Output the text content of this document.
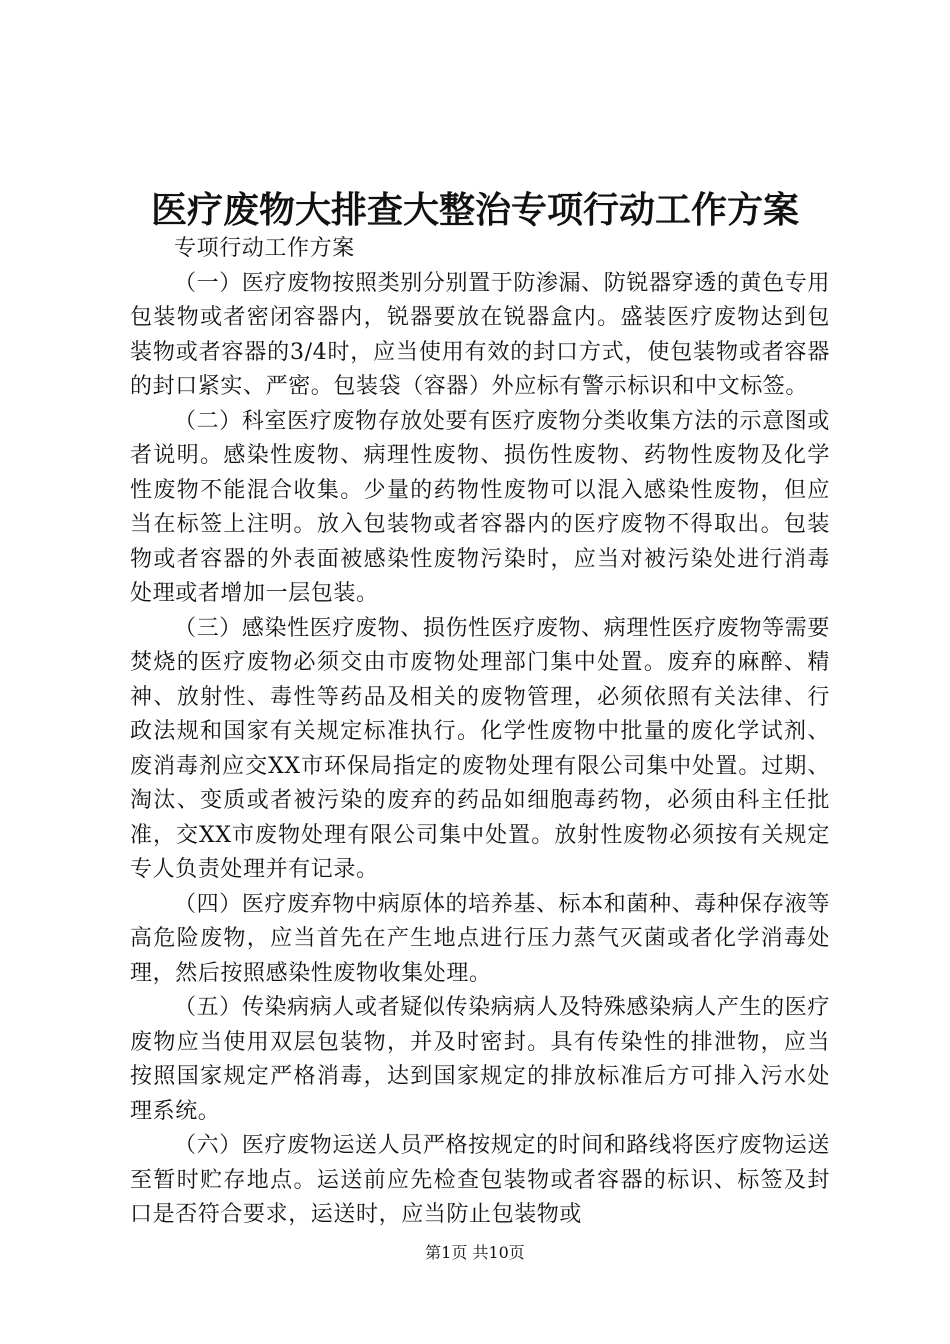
医疗废物大排查大整治专项行动工作方案

专项行动工作方案

（一）医疗废物按照类别分别置于防渗漏、防锐器穿透的黄色专用包装物或者密闭容器内，锐器要放在锐器盒内。盛装医疗废物达到包装物或者容器的3/4时，应当使用有效的封口方式，使包装物或者容器的封口紧实、严密。包装袋（容器）外应标有警示标识和中文标签。

（二）科室医疗废物存放处要有医疗废物分类收集方法的示意图或者说明。感染性废物、病理性废物、损伤性废物、药物性废物及化学性废物不能混合收集。少量的药物性废物可以混入感染性废物，但应当在标签上注明。放入包装物或者容器内的医疗废物不得取出。包装物或者容器的外表面被感染性废物污染时，应当对被污染处进行消毒处理或者增加一层包装。

（三）感染性医疗废物、损伤性医疗废物、病理性医疗废物等需要焚烧的医疗废物必须交由市废物处理部门集中处置。废弃的麻醉、精神、放射性、毒性等药品及相关的废物管理，必须依照有关法律、行政法规和国家有关规定标准执行。化学性废物中批量的废化学试剂、废消毒剂应交XX市环保局指定的废物处理有限公司集中处置。过期、淘汰、变质或者被污染的废弃的药品如细胞毒药物，必须由科主任批准，交XX市废物处理有限公司集中处置。放射性废物必须按有关规定专人负责处理并有记录。

（四）医疗废弃物中病原体的培养基、标本和菌种、毒种保存液等高危险废物，应当首先在产生地点进行压力蒸气灭菌或者化学消毒处理，然后按照感染性废物收集处理。

（五）传染病病人或者疑似传染病病人及特殊感染病人产生的医疗废物应当使用双层包装物，并及时密封。具有传染性的排泄物，应当按照国家规定严格消毒，达到国家规定的排放标准后方可排入污水处理系统。

（六）医疗废物运送人员严格按规定的时间和路线将医疗废物运送至暂时贮存地点。运送前应先检查包装物或者容器的标识、标签及封口是否符合要求，运送时，应当防止包装物或

第1页 共10页
